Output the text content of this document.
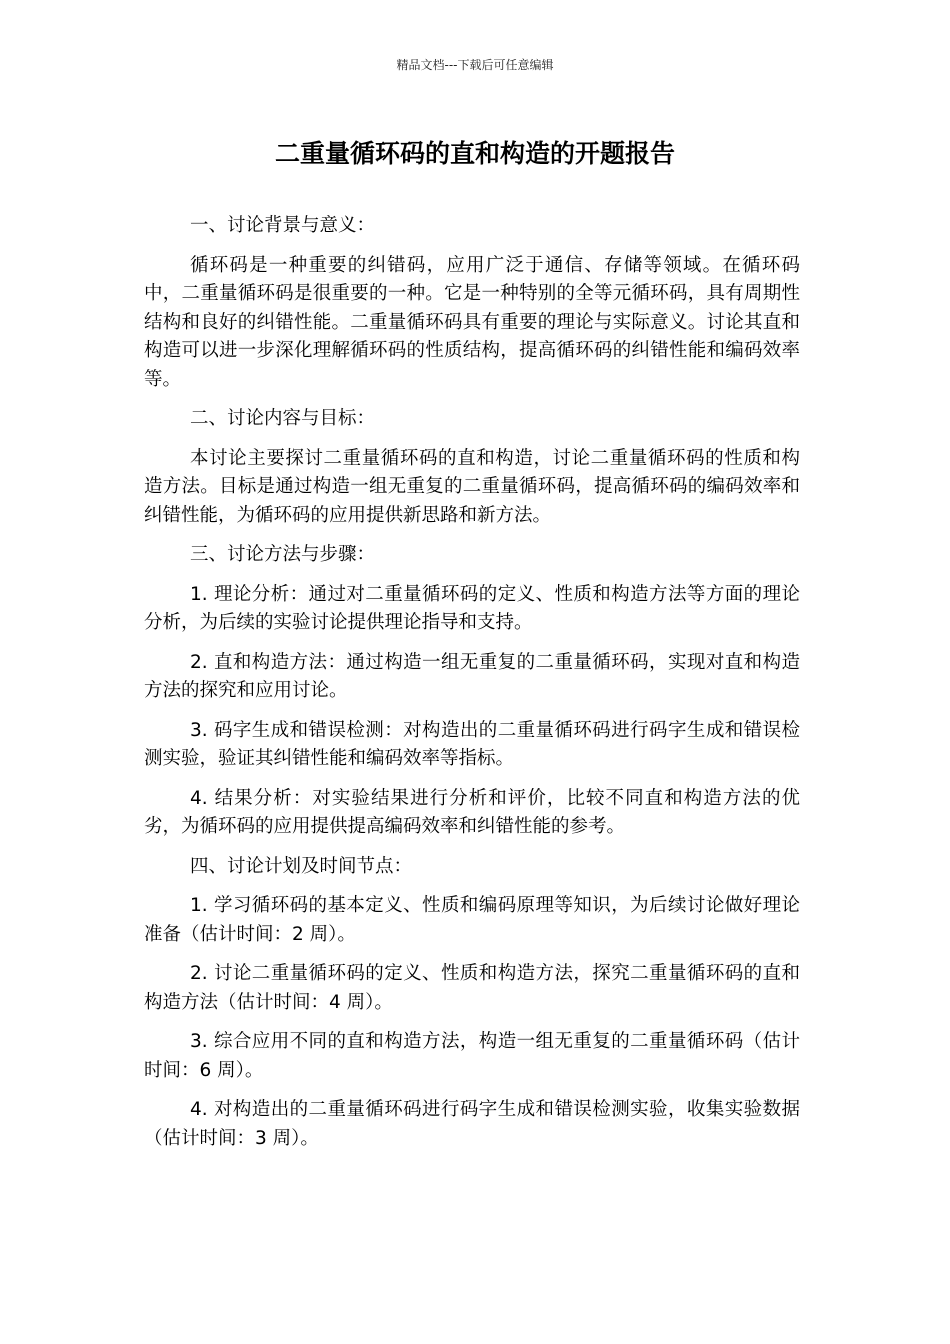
精品文档---下载后可任意编辑
二重量循环码的直和构造的开题报告

一、讨论背景与意义：

循环码是一种重要的纠错码，应用广泛于通信、存储等领域。在循环码中，二重量循环码是很重要的一种。它是一种特别的全等元循环码，具有周期性结构和良好的纠错性能。二重量循环码具有重要的理论与实际意义。讨论其直和构造可以进一步深化理解循环码的性质结构，提高循环码的纠错性能和编码效率等。

二、讨论内容与目标：

本讨论主要探讨二重量循环码的直和构造，讨论二重量循环码的性质和构造方法。目标是通过构造一组无重复的二重量循环码，提高循环码的编码效率和纠错性能，为循环码的应用提供新思路和新方法。

三、讨论方法与步骤：

1. 理论分析：通过对二重量循环码的定义、性质和构造方法等方面的理论分析，为后续的实验讨论提供理论指导和支持。

2. 直和构造方法：通过构造一组无重复的二重量循环码，实现对直和构造方法的探究和应用讨论。

3. 码字生成和错误检测：对构造出的二重量循环码进行码字生成和错误检测实验，验证其纠错性能和编码效率等指标。

4. 结果分析：对实验结果进行分析和评价，比较不同直和构造方法的优劣，为循环码的应用提供提高编码效率和纠错性能的参考。

四、讨论计划及时间节点：

1. 学习循环码的基本定义、性质和编码原理等知识，为后续讨论做好理论准备（估计时间：2 周）。

2. 讨论二重量循环码的定义、性质和构造方法，探究二重量循环码的直和构造方法（估计时间：4 周）。

3. 综合应用不同的直和构造方法，构造一组无重复的二重量循环码（估计时间：6 周）。

4. 对构造出的二重量循环码进行码字生成和错误检测实验，收集实验数据（估计时间：3 周）。
